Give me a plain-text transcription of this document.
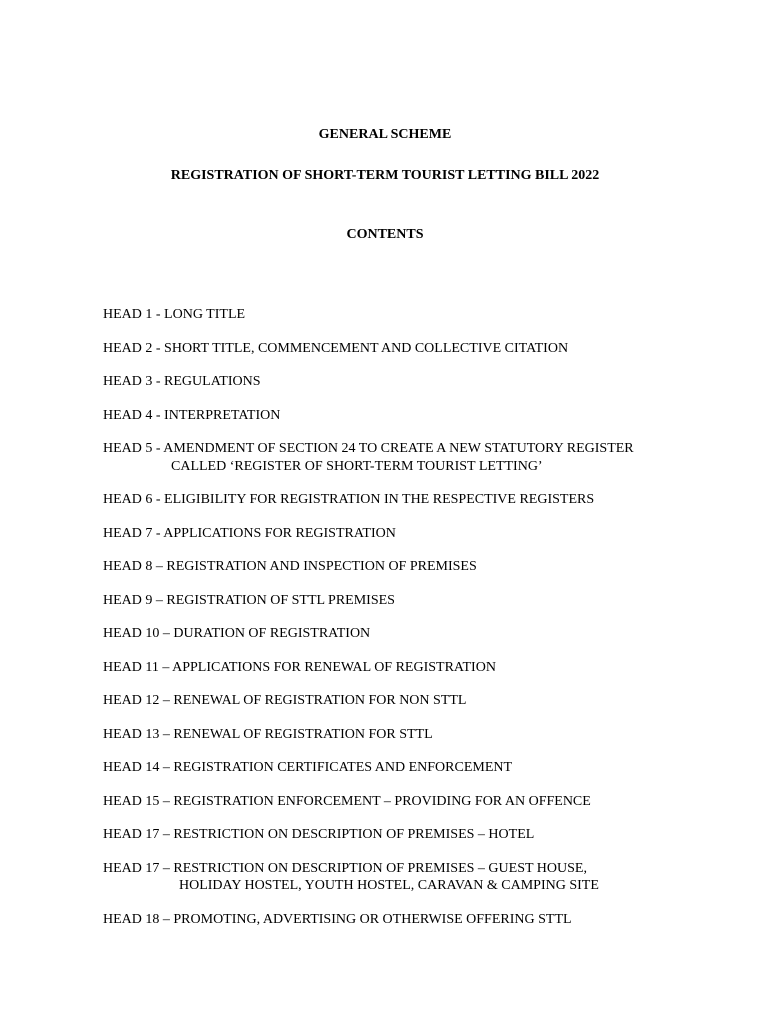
GENERAL SCHEME

REGISTRATION OF SHORT-TERM TOURIST LETTING BILL 2022

CONTENTS

HEAD 1 - LONG TITLE
HEAD 2 - SHORT TITLE, COMMENCEMENT AND COLLECTIVE CITATION
HEAD 3 - REGULATIONS
HEAD 4 - INTERPRETATION
HEAD 5 - AMENDMENT OF SECTION 24 TO CREATE A NEW STATUTORY REGISTER
CALLED ‘REGISTER OF SHORT-TERM TOURIST LETTING’
HEAD 6 - ELIGIBILITY FOR REGISTRATION IN THE RESPECTIVE REGISTERS
HEAD 7 - APPLICATIONS FOR REGISTRATION
HEAD 8 – REGISTRATION AND INSPECTION OF PREMISES
HEAD 9 – REGISTRATION OF STTL PREMISES
HEAD 10 – DURATION OF REGISTRATION
HEAD 11 – APPLICATIONS FOR RENEWAL OF REGISTRATION
HEAD 12 – RENEWAL OF REGISTRATION FOR NON STTL
HEAD 13 – RENEWAL OF REGISTRATION FOR STTL
HEAD 14 – REGISTRATION CERTIFICATES AND ENFORCEMENT
HEAD 15 – REGISTRATION ENFORCEMENT – PROVIDING FOR AN OFFENCE
HEAD 17 – RESTRICTION ON DESCRIPTION OF PREMISES – HOTEL
HEAD 17 – RESTRICTION ON DESCRIPTION OF PREMISES – GUEST HOUSE,
HOLIDAY HOSTEL, YOUTH HOSTEL, CARAVAN & CAMPING SITE
HEAD 18 – PROMOTING, ADVERTISING OR OTHERWISE OFFERING STTL
